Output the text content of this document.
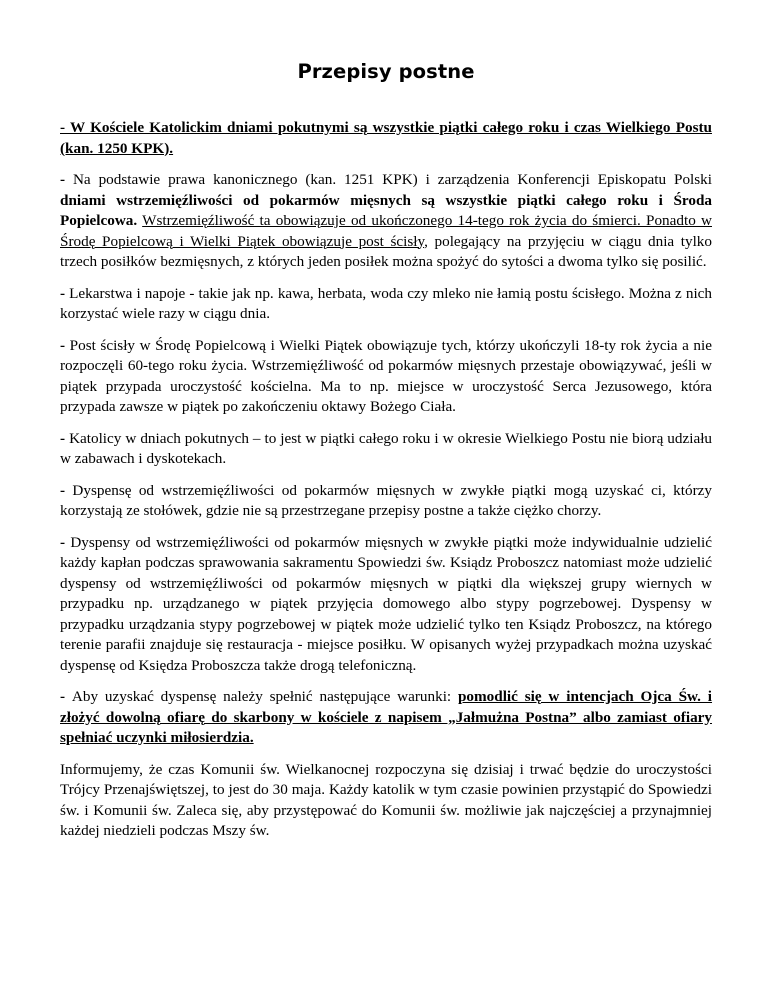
Przepisy postne

- W Kościele Katolickim dniami pokutnymi są wszystkie piątki całego roku i czas Wielkiego Postu (kan. 1250 KPK).

- Na podstawie prawa kanonicznego (kan. 1251 KPK) i zarządzenia Konferencji Episkopatu Polski dniami wstrzemięźliwości od pokarmów mięsnych są wszystkie piątki całego roku i Środa Popielcowa. Wstrzemięźliwość ta obowiązuje od ukończonego 14-tego rok życia do śmierci. Ponadto w Środę Popielcową i Wielki Piątek obowiązuje post ścisły, polegający na przyjęciu w ciągu dnia tylko trzech posiłków bezmięsnych, z których jeden posiłek można spożyć do sytości a dwoma tylko się posilić.

- Lekarstwa i napoje - takie jak np. kawa, herbata, woda czy mleko nie łamią postu ścisłego. Można z nich korzystać wiele razy w ciągu dnia.

- Post ścisły w Środę Popielcową i Wielki Piątek obowiązuje tych, którzy ukończyli 18-ty rok życia a nie rozpoczęli 60-tego roku życia. Wstrzemięźliwość od pokarmów mięsnych przestaje obowiązywać, jeśli w piątek przypada uroczystość kościelna. Ma to np. miejsce w uroczystość Serca Jezusowego, która przypada zawsze w piątek po zakończeniu oktawy Bożego Ciała.

- Katolicy w dniach pokutnych – to jest w piątki całego roku i w okresie Wielkiego Postu nie biorą udziału w zabawach i dyskotekach.

- Dyspensę od wstrzemięźliwości od pokarmów mięsnych w zwykłe piątki mogą uzyskać ci, którzy korzystają ze stołówek, gdzie nie są przestrzegane przepisy postne a także ciężko chorzy.

- Dyspensy od wstrzemięźliwości od pokarmów mięsnych w zwykłe piątki może indywidualnie udzielić każdy kapłan podczas sprawowania sakramentu Spowiedzi św. Ksiądz Proboszcz natomiast może udzielić dyspensy od wstrzemięźliwości od pokarmów mięsnych w piątki dla większej grupy wiernych w przypadku np. urządzanego w piątek przyjęcia domowego albo stypy pogrzebowej. Dyspensy w przypadku urządzania stypy pogrzebowej w piątek może udzielić tylko ten Ksiądz Proboszcz, na którego terenie parafii znajduje się restauracja - miejsce posiłku. W opisanych wyżej przypadkach można uzyskać dyspensę od Księdza Proboszcza także drogą telefoniczną.

- Aby uzyskać dyspensę należy spełnić następujące warunki: pomodlić się w intencjach Ojca Św. i złożyć dowolną ofiarę do skarbony w kościele z napisem „Jałmużna Postna” albo zamiast ofiary spełniać uczynki miłosierdzia.

Informujemy, że czas Komunii św. Wielkanocnej rozpoczyna się dzisiaj i trwać będzie do uroczystości Trójcy Przenajświętszej, to jest do 30 maja. Każdy katolik w tym czasie powinien przystąpić do Spowiedzi św. i Komunii św. Zaleca się, aby przystępować do Komunii św. możliwie jak najczęściej a przynajmniej każdej niedzieli podczas Mszy św.
